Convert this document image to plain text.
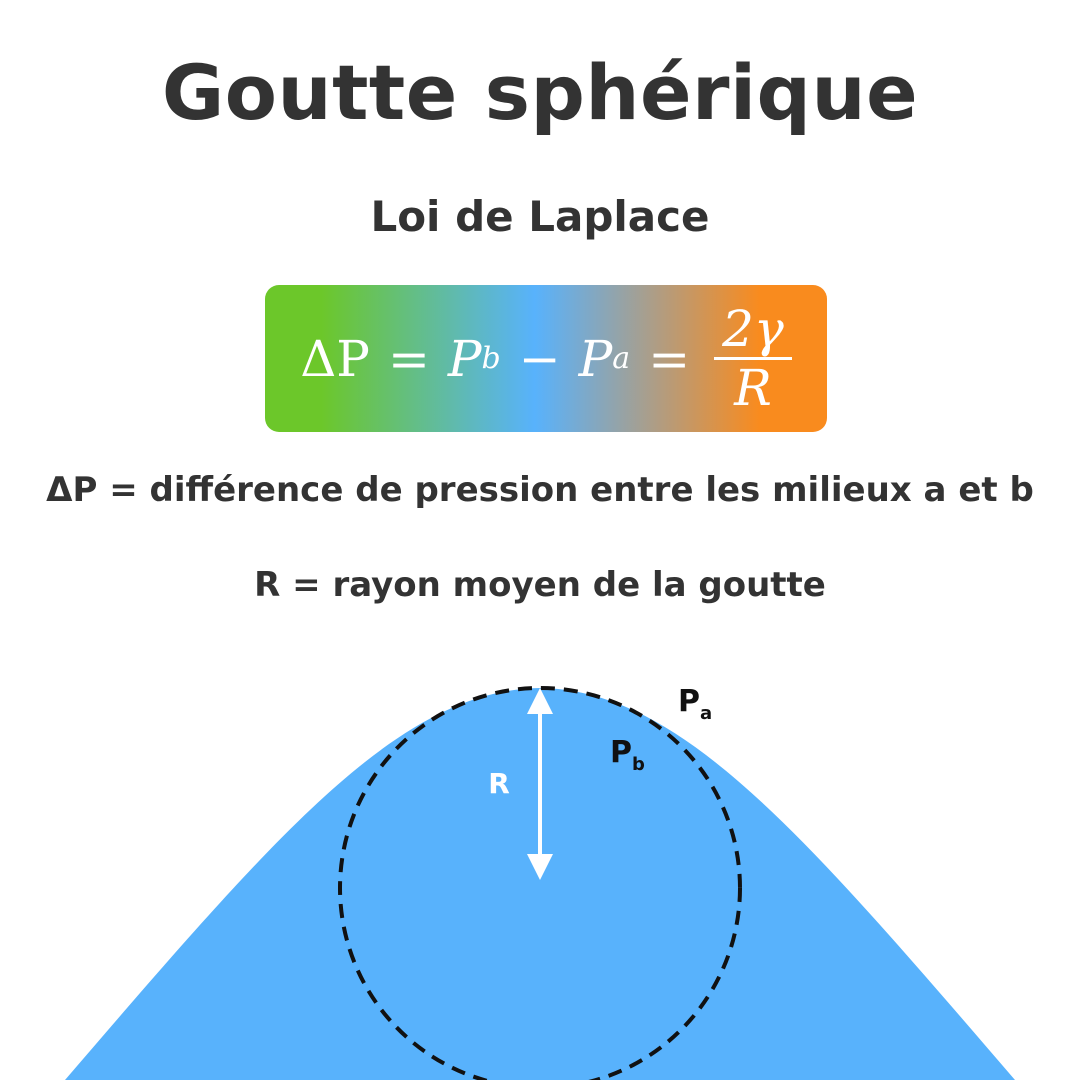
Goutte sphérique
Loi de Laplace
ΔP = P b − P $a = \frac{2\gamma}{R}$
ΔP = différence de pression entre les milieux a et b
R = rayon moyen de la goutte
R
$P_a$
$P_b$
